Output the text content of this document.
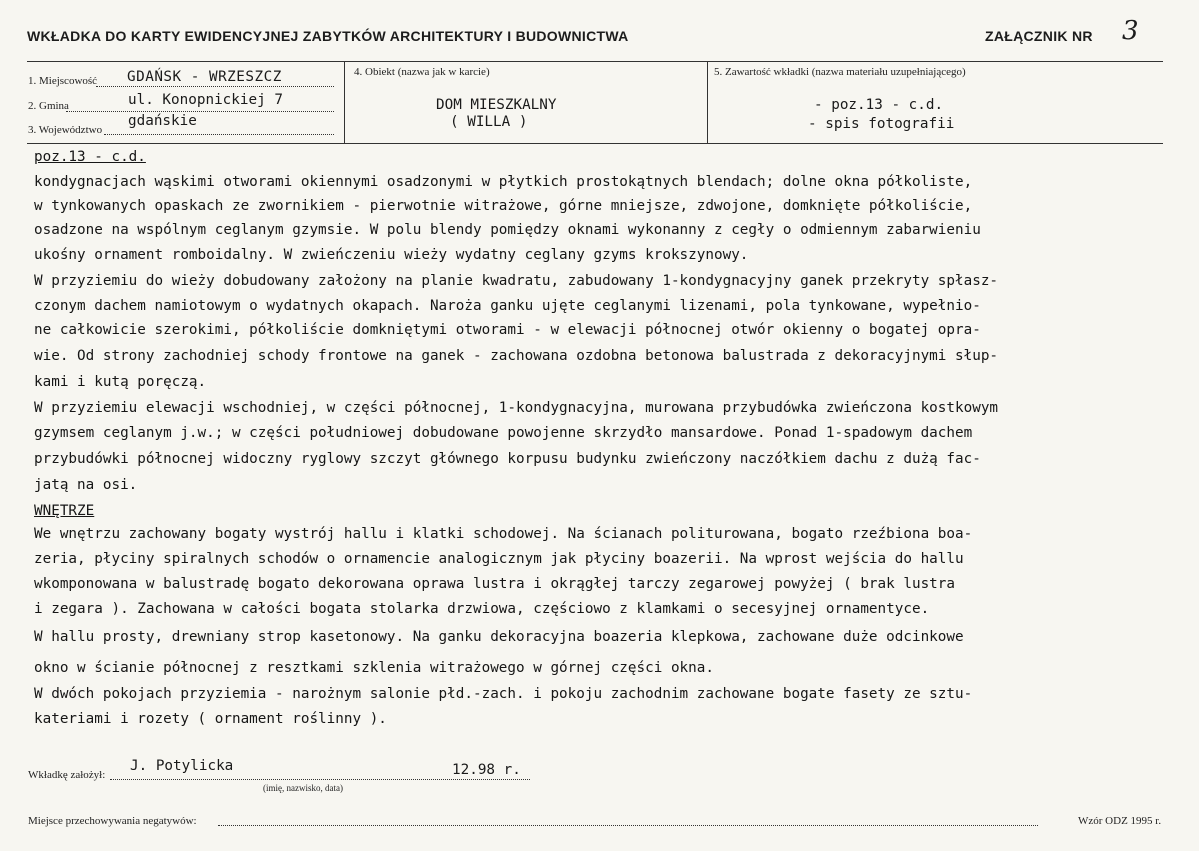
WKŁADKA DO KARTY EWIDENCYJNEJ ZABYTKÓW ARCHITEKTURY I BUDOWNICTWA	ZAŁĄCZNIK NR 3
1. Miejscowość GDAŃSK - WRZESZCZ
2. Gmina	ul. Konopnickiej 7
3. Województwo
gdańskie
4. Obiekt (nazwa jak w karcie)
DOM MIESZKALNY
( WILLA )
5. Zawartość wkładki (nazwa materiału uzupełniającego)
- poz.13 - c.d.
- spis fotografii
poz.13 - c.d.
kondygnacjach wąskimi otworami okiennymi osadzonymi w płytkich prostokątnych blendach; dolne okna półkoliste,
w tynkowanych opaskach ze zwornikiem - pierwotnie witrażowe, górne mniejsze, zdwojone, domknięte półkoliście,
osadzone na wspólnym ceglanym gzymsie. W polu blendy pomiędzy oknami wykonanny z cegły o odmiennym zabarwieniu
ukośny ornament romboidalny. W zwieńczeniu wieży wydatny ceglany gzyms krokszynowy.
W przyziemiu do wieży dobudowany założony na planie kwadratu, zabudowany 1-kondygnacyjny ganek przekryty spłasz-
czonym dachem namiotowym o wydatnych okapach. Naroża ganku ujęte ceglanymi lizenami, pola tynkowane, wypełnio-
ne całkowicie szerokimi, półkoliście domkniętymi otworami - w elewacji północnej otwór okienny o bogatej opra-
wie. Od strony zachodniej schody frontowe na ganek - zachowana ozdobna betonowa balustrada z dekoracyjnymi słup-
kami i kutą poręczą.
W przyziemiu elewacji wschodniej, w części północnej, 1-kondygnacyjna, murowana przybudówka zwieńczona kostkowym
gzymsem ceglanym j.w.; w części południowej dobudowane powojenne skrzydło mansardowe. Ponad 1-spadowym dachem
przybudówki północnej widoczny ryglowy szczyt głównego korpusu budynku zwieńczony naczółkiem dachu z dużą fac-
jatą na osi.
WNĘTRZE
We wnętrzu zachowany bogaty wystrój hallu i klatki schodowej. Na ścianach politurowana, bogato rzeźbiona boa-
zeria, płyciny spiralnych schodów o ornamencie analogicznym jak płyciny boazerii. Na wprost wejścia do hallu
wkomponowana w balustradę bogato dekorowana oprawa lustra i okrągłej tarczy zegarowej powyżej ( brak lustra
i zegara ). Zachowana w całości bogata stolarka drzwiowa, częściowo z klamkami o secesyjnej ornamentyce.
W hallu prosty, drewniany strop kasetonowy. Na ganku dekoracyjna boazeria klepkowa, zachowane duże odcinkowe
okno w ścianie północnej z resztkami szklenia witrażowego w górnej części okna.
W dwóch pokojach przyziemia - narożnym salonie płd.-zach. i pokoju zachodnim zachowane bogate fasety ze sztu-
kateriami i rozety ( ornament roślinny ).
Wkładkę założył:
J. Potylicka	12.98 r.
(imię, nazwisko, data)
Miejsce przechowywania negatywów:	Wzór ODZ 1995 r.
